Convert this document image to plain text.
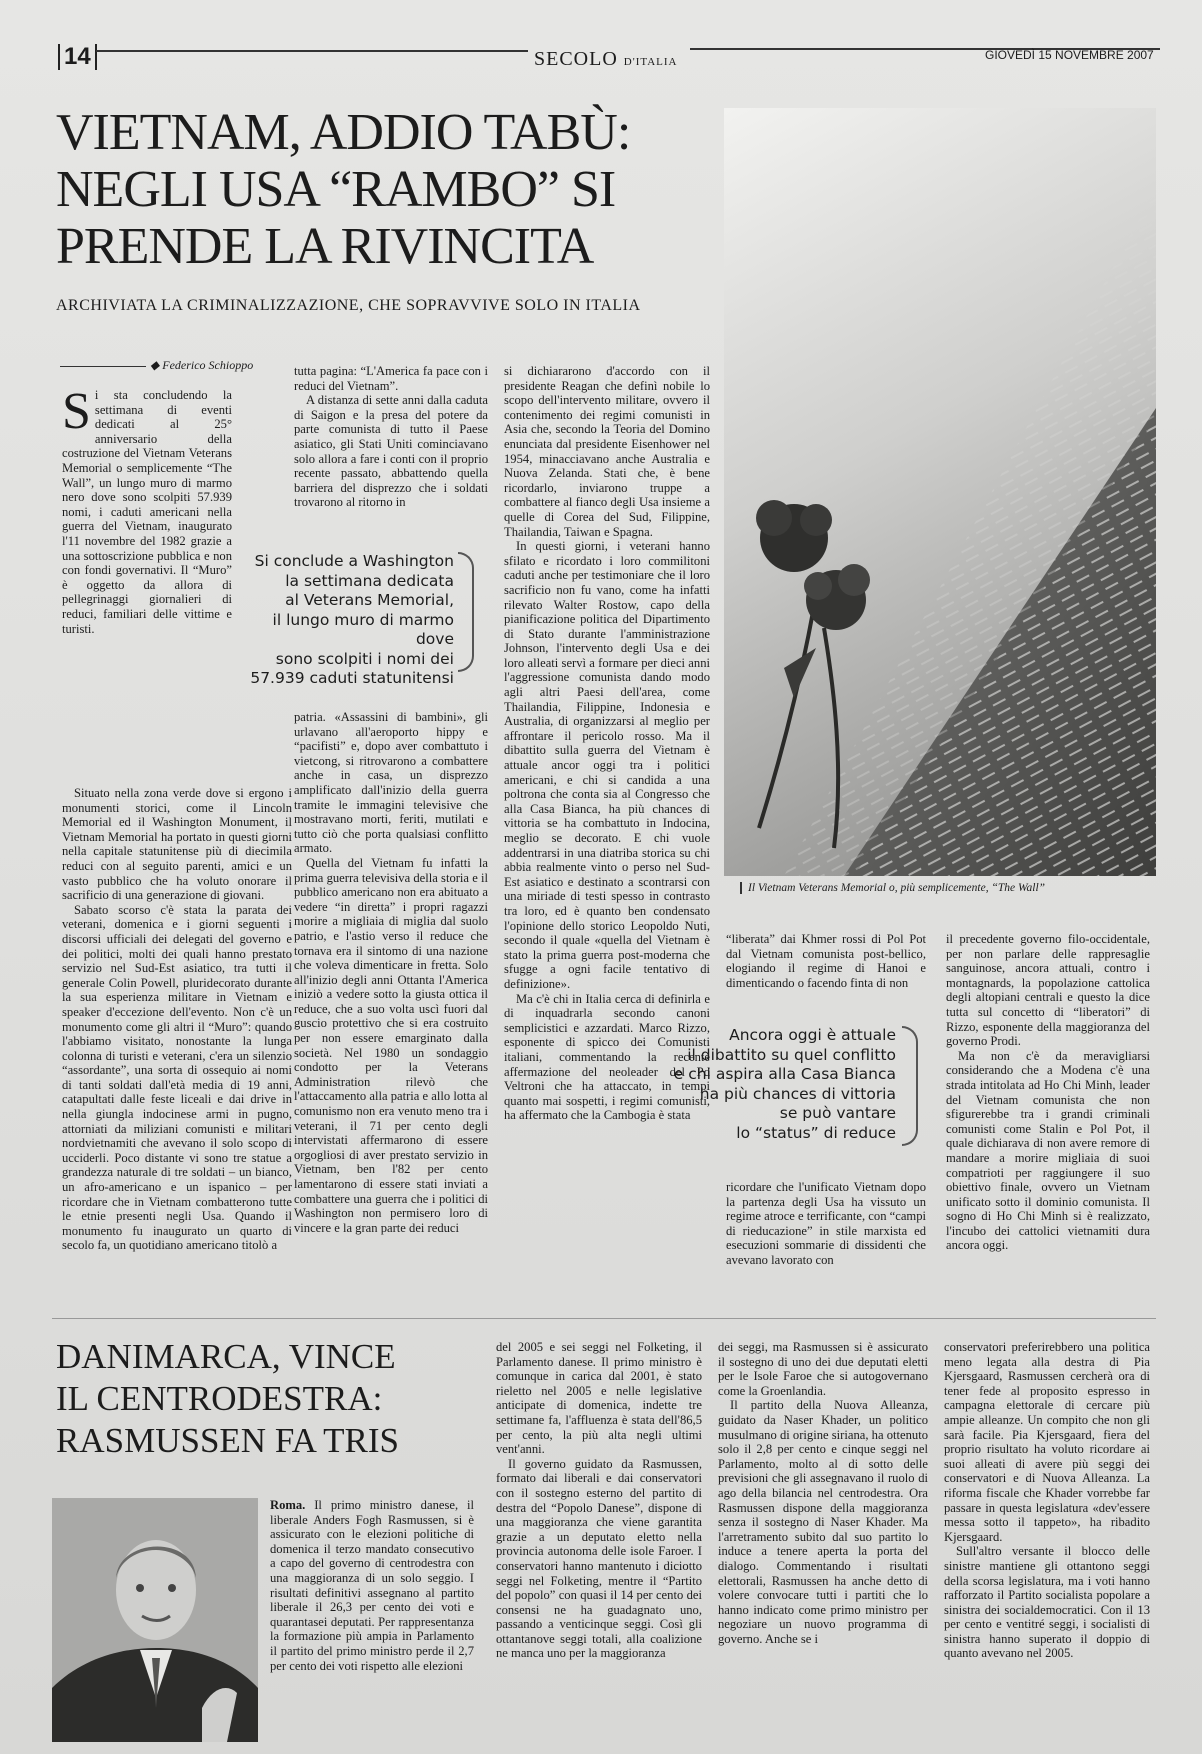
14	SECOLO D'ITALIA	GIOVEDÌ 15 NOVEMBRE 2007
VIETNAM, ADDIO TABÙ: NEGLI USA “RAMBO” SI PRENDE LA RIVINCITA
ARCHIVIATA LA CRIMINALIZZAZIONE, CHE SOPRAVVIVE SOLO IN ITALIA
Il Vietnam Veterans Memorial o, più semplicemente, “The Wall”
◆ Federico Schioppo

Si sta concludendo la settimana di eventi dedicati al 25° anniversario della costruzione del Vietnam Veterans Memorial o semplicemente “The Wall”, un lungo muro di marmo nero dove sono scolpiti 57.939 nomi, i caduti americani nella guerra del Vietnam, inaugurato l'11 novembre del 1982 grazie a una sottoscrizione pubblica e non con fondi governativi. Il “Muro” è oggetto da allora di pellegrinaggi giornalieri di reduci, familiari delle vittime e turisti.

Situato nella zona verde dove si ergono i monumenti storici, come il Lincoln Memorial ed il Washington Monument, il Vietnam Memorial ha portato in questi giorni nella capitale statunitense più di diecimila reduci con al seguito parenti, amici e un vasto pubblico che ha voluto onorare il sacrificio di una generazione di giovani.

Sabato scorso c'è stata la parata dei veterani, domenica e i giorni seguenti i discorsi ufficiali dei delegati del governo e dei politici, molti dei quali hanno prestato servizio nel Sud-Est asiatico, tra tutti il generale Colin Powell, pluridecorato durante la sua esperienza militare in Vietnam e speaker d'eccezione dell'evento. Non c'è un monumento come gli altri il “Muro”: quando l'abbiamo visitato, nonostante la lunga colonna di turisti e veterani, c'era un silenzio “assordante”, una sorta di ossequio ai nomi di tanti soldati dall'età media di 19 anni, catapultati dalle feste liceali e dai drive in nella giungla indocinese armi in pugno, attorniati da miliziani comunisti e militari nordvietnamiti che avevano il solo scopo di ucciderli. Poco distante vi sono tre statue a grandezza naturale di tre soldati – un bianco, un afro-americano e un ispanico – per ricordare che in Vietnam combatterono tutte le etnie presenti negli Usa. Quando il monumento fu inaugurato un quarto di secolo fa, un quotidiano americano titolò a

Si conclude a Washington
la settimana dedicata
al Veterans Memorial,
il lungo muro di marmo dove
sono scolpiti i nomi dei
57.939 caduti statunitensi

tutta pagina: “L'America fa pace con i reduci del Vietnam”.

A distanza di sette anni dalla caduta di Saigon e la presa del potere da parte comunista di tutto il Paese asiatico, gli Stati Uniti cominciavano solo allora a fare i conti con il proprio recente passato, abbattendo quella barriera del disprezzo che i soldati trovarono al ritorno in

patria. «Assassini di bambini», gli urlavano all'aeroporto hippy e “pacifisti” e, dopo aver combattuto i vietcong, si ritrovarono a combattere anche in casa, un disprezzo amplificato dall'inizio della guerra tramite le immagini televisive che mostravano morti, feriti, mutilati e tutto ciò che porta qualsiasi conflitto armato.

Quella del Vietnam fu infatti la prima guerra televisiva della storia e il pubblico americano non era abituato a vedere “in diretta” i propri ragazzi morire a migliaia di miglia dal suolo patrio, e l'astio verso il reduce che tornava era il sintomo di una nazione che voleva dimenticare in fretta. Solo all'inizio degli anni Ottanta l'America iniziò a vedere sotto la giusta ottica il reduce, che a suo volta uscì fuori dal guscio protettivo che si era costruito per non essere emarginato dalla società. Nel 1980 un sondaggio condotto per la Veterans Administration rilevò che l'attaccamento alla patria e allo lotta al comunismo non era venuto meno tra i veterani, il 71 per cento degli intervistati affermarono di essere orgogliosi di aver prestato servizio in Vietnam, ben l'82 per cento lamentarono di essere stati inviati a combattere una guerra che i politici di Washington non permisero loro di vincere e la gran parte dei reduci

si dichiararono d'accordo con il presidente Reagan che definì nobile lo scopo dell'intervento militare, ovvero il contenimento dei regimi comunisti in Asia che, secondo la Teoria del Domino enunciata dal presidente Eisenhower nel 1954, minacciavano anche Australia e Nuova Zelanda. Stati che, è bene ricordarlo, inviarono truppe a combattere al fianco degli Usa insieme a quelle di Corea del Sud, Filippine, Thailandia, Taiwan e Spagna.

In questi giorni, i veterani hanno sfilato e ricordato i loro commilitoni caduti anche per testimoniare che il loro sacrificio non fu vano, come ha infatti rilevato Walter Rostow, capo della pianificazione politica del Dipartimento di Stato durante l'amministrazione Johnson, l'intervento degli Usa e dei loro alleati servì a formare per dieci anni l'aggressione comunista dando modo agli altri Paesi dell'area, come Thailandia, Filippine, Indonesia e Australia, di organizzarsi al meglio per affrontare il pericolo rosso. Ma il dibattito sulla guerra del Vietnam è attuale ancor oggi tra i politici americani, e chi si candida a una poltrona che conta sia al Congresso che alla Casa Bianca, ha più chances di vittoria se ha combattuto in Indocina, meglio se decorato. E chi vuole addentrarsi in una diatriba storica su chi abbia realmente vinto o perso nel Sud-Est asiatico e destinato a scontrarsi con una miriade di testi spesso in contrasto tra loro, ed è quanto ben condensato l'opinione dello storico Leopoldo Nuti, secondo il quale «quella del Vietnam è stato la prima guerra post-moderna che sfugge a ogni facile tentativo di definizione».

Ma c'è chi in Italia cerca di definirla e di inquadrarla secondo canoni semplicistici e azzardati. Marco Rizzo, esponente di spicco dei Comunisti italiani, commentando la recente affermazione del neoleader del Pd Veltroni che ha attaccato, in tempi quanto mai sospetti, i regimi comunisti, ha affermato che la Cambogia è stata

“liberata” dai Khmer rossi di Pol Pot dal Vietnam comunista post-bellico, elogiando il regime di Hanoi e dimenticando o facendo finta di non

Ancora oggi è attuale
il dibattito su quel conflitto
e chi aspira alla Casa Bianca
ha più chances di vittoria
se può vantare
lo “status” di reduce

ricordare che l'unificato Vietnam dopo la partenza degli Usa ha vissuto un regime atroce e terrificante, con “campi di rieducazione” in stile marxista ed esecuzioni sommarie di dissidenti che avevano lavorato con

il precedente governo filo-occidentale, per non parlare delle rappresaglie sanguinose, ancora attuali, contro i montagnards, la popolazione cattolica degli altopiani centrali e questo la dice tutta sul concetto di “liberatori” di Rizzo, esponente della maggioranza del governo Prodi.

Ma non c'è da meravigliarsi considerando che a Modena c'è una strada intitolata ad Ho Chi Minh, leader del Vietnam comunista che non sfigurerebbe tra i grandi criminali comunisti come Stalin e Pol Pot, il quale dichiarava di non avere remore di mandare a morire migliaia di suoi compatrioti per raggiungere il suo obiettivo finale, ovvero un Vietnam unificato sotto il dominio comunista. Il sogno di Ho Chi Minh si è realizzato, l'incubo dei cattolici vietnamiti dura ancora oggi.

DANIMARCA, VINCE IL CENTRODESTRA: RASMUSSEN FA TRIS

Roma. Il primo ministro danese, il liberale Anders Fogh Rasmussen, si è assicurato con le elezioni politiche di domenica il terzo mandato consecutivo a capo del governo di centrodestra con una maggioranza di un solo seggio. I risultati definitivi assegnano al partito liberale il 26,3 per cento dei voti e quarantasei deputati. Per rappresentanza la formazione più ampia in Parlamento il partito del primo ministro perde il 2,7 per cento dei voti rispetto alle elezioni

del 2005 e sei seggi nel Folketing, il Parlamento danese. Il primo ministro è comunque in carica dal 2001, è stato rieletto nel 2005 e nelle legislative anticipate di domenica, indette tre settimane fa, l'affluenza è stata dell'86,5 per cento, la più alta negli ultimi vent'anni.

Il governo guidato da Rasmussen, formato dai liberali e dai conservatori con il sostegno esterno del partito di destra del “Popolo Danese”, dispone di una maggioranza che viene garantita grazie a un deputato eletto nella provincia autonoma delle isole Faroer. I conservatori hanno mantenuto i diciotto seggi nel Folketing, mentre il “Partito del popolo” con quasi il 14 per cento dei consensi ne ha guadagnato uno, passando a venticinque seggi. Così gli ottantanove seggi totali, alla coalizione ne manca uno per la maggioranza

dei seggi, ma Rasmussen si è assicurato il sostegno di uno dei due deputati eletti per le Isole Faroe che si autogovernano come la Groenlandia.

Il partito della Nuova Alleanza, guidato da Naser Khader, un politico musulmano di origine siriana, ha ottenuto solo il 2,8 per cento e cinque seggi nel Parlamento, molto al di sotto delle previsioni che gli assegnavano il ruolo di ago della bilancia nel centrodestra. Ora Rasmussen dispone della maggioranza senza il sostegno di Naser Khader. Ma l'arretramento subito dal suo partito lo induce a tenere aperta la porta del dialogo. Commentando i risultati elettorali, Rasmussen ha anche detto di volere convocare tutti i partiti che lo hanno indicato come primo ministro per negoziare un nuovo programma di governo. Anche se i

conservatori preferirebbero una politica meno legata alla destra di Pia Kjersgaard, Rasmussen cercherà ora di tener fede al proposito espresso in campagna elettorale di cercare più ampie alleanze. Un compito che non gli sarà facile. Pia Kjersgaard, fiera del proprio risultato ha voluto ricordare ai suoi alleati di avere più seggi dei conservatori e di Nuova Alleanza. La riforma fiscale che Khader vorrebbe far passare in questa legislatura «dev'essere messa sotto il tappeto», ha ribadito Kjersgaard.

Sull'altro versante il blocco delle sinistre mantiene gli ottantono seggi della scorsa legislatura, ma i voti hanno rafforzato il Partito socialista popolare a sinistra dei socialdemocratici. Con il 13 per cento e ventitré seggi, i socialisti di sinistra hanno superato il doppio di quanto avevano nel 2005.
